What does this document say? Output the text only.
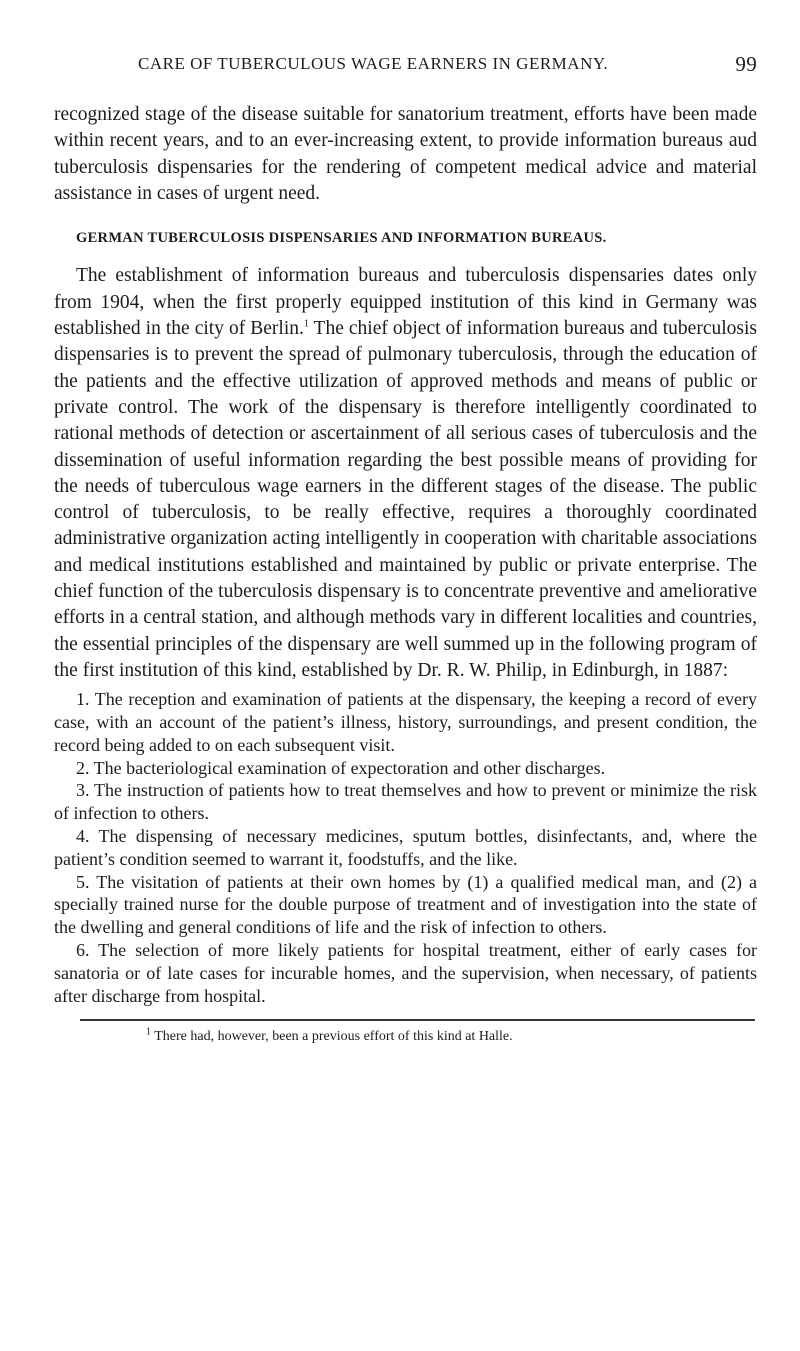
CARE OF TUBERCULOUS WAGE EARNERS IN GERMANY.	99

recognized stage of the disease suitable for sanatorium treatment, efforts have been made within recent years, and to an ever-increasing extent, to provide information bureaus aud tuberculosis dispensaries for the rendering of competent medical advice and material assistance in cases of urgent need.

GERMAN TUBERCULOSIS DISPENSARIES AND INFORMATION BUREAUS.

The establishment of information bureaus and tuberculosis dispensaries dates only from 1904, when the first properly equipped institution of this kind in Germany was established in the city of Berlin.$^1$ The chief object of information bureaus and tuberculosis dispensaries is to prevent the spread of pulmonary tuberculosis, through the education of the patients and the effective utilization of approved methods and means of public or private control. The work of the dispensary is therefore intelligently coordinated to rational methods of detection or ascertainment of all serious cases of tuberculosis and the dissemination of useful information regarding the best possible means of providing for the needs of tuberculous wage earners in the different stages of the disease. The public control of tuberculosis, to be really effective, requires a thoroughly coordinated administrative organization acting intelligently in cooperation with charitable associations and medical institutions established and maintained by public or private enterprise. The chief function of the tuberculosis dispensary is to concentrate preventive and ameliorative efforts in a central station, and although methods vary in different localities and countries, the essential principles of the dispensary are well summed up in the following program of the first institution of this kind, established by Dr. R. W. Philip, in Edinburgh, in 1887:

1. The reception and examination of patients at the dispensary, the keeping a record of every case, with an account of the patient’s illness, history, surroundings, and present condition, the record being added to on each subsequent visit.

2. The bacteriological examination of expectoration and other discharges.

3. The instruction of patients how to treat themselves and how to prevent or minimize the risk of infection to others.

4. The dispensing of necessary medicines, sputum bottles, disinfectants, and, where the patient’s condition seemed to warrant it, foodstuffs, and the like.

5. The visitation of patients at their own homes by (1) a qualified medical man, and (2) a specially trained nurse for the double purpose of treatment and of investigation into the state of the dwelling and general conditions of life and the risk of infection to others.

6. The selection of more likely patients for hospital treatment, either of early cases for sanatoria or of late cases for incurable homes, and the supervision, when necessary, of patients after discharge from hospital.

$^1$ There had, however, been a previous effort of this kind at Halle.
